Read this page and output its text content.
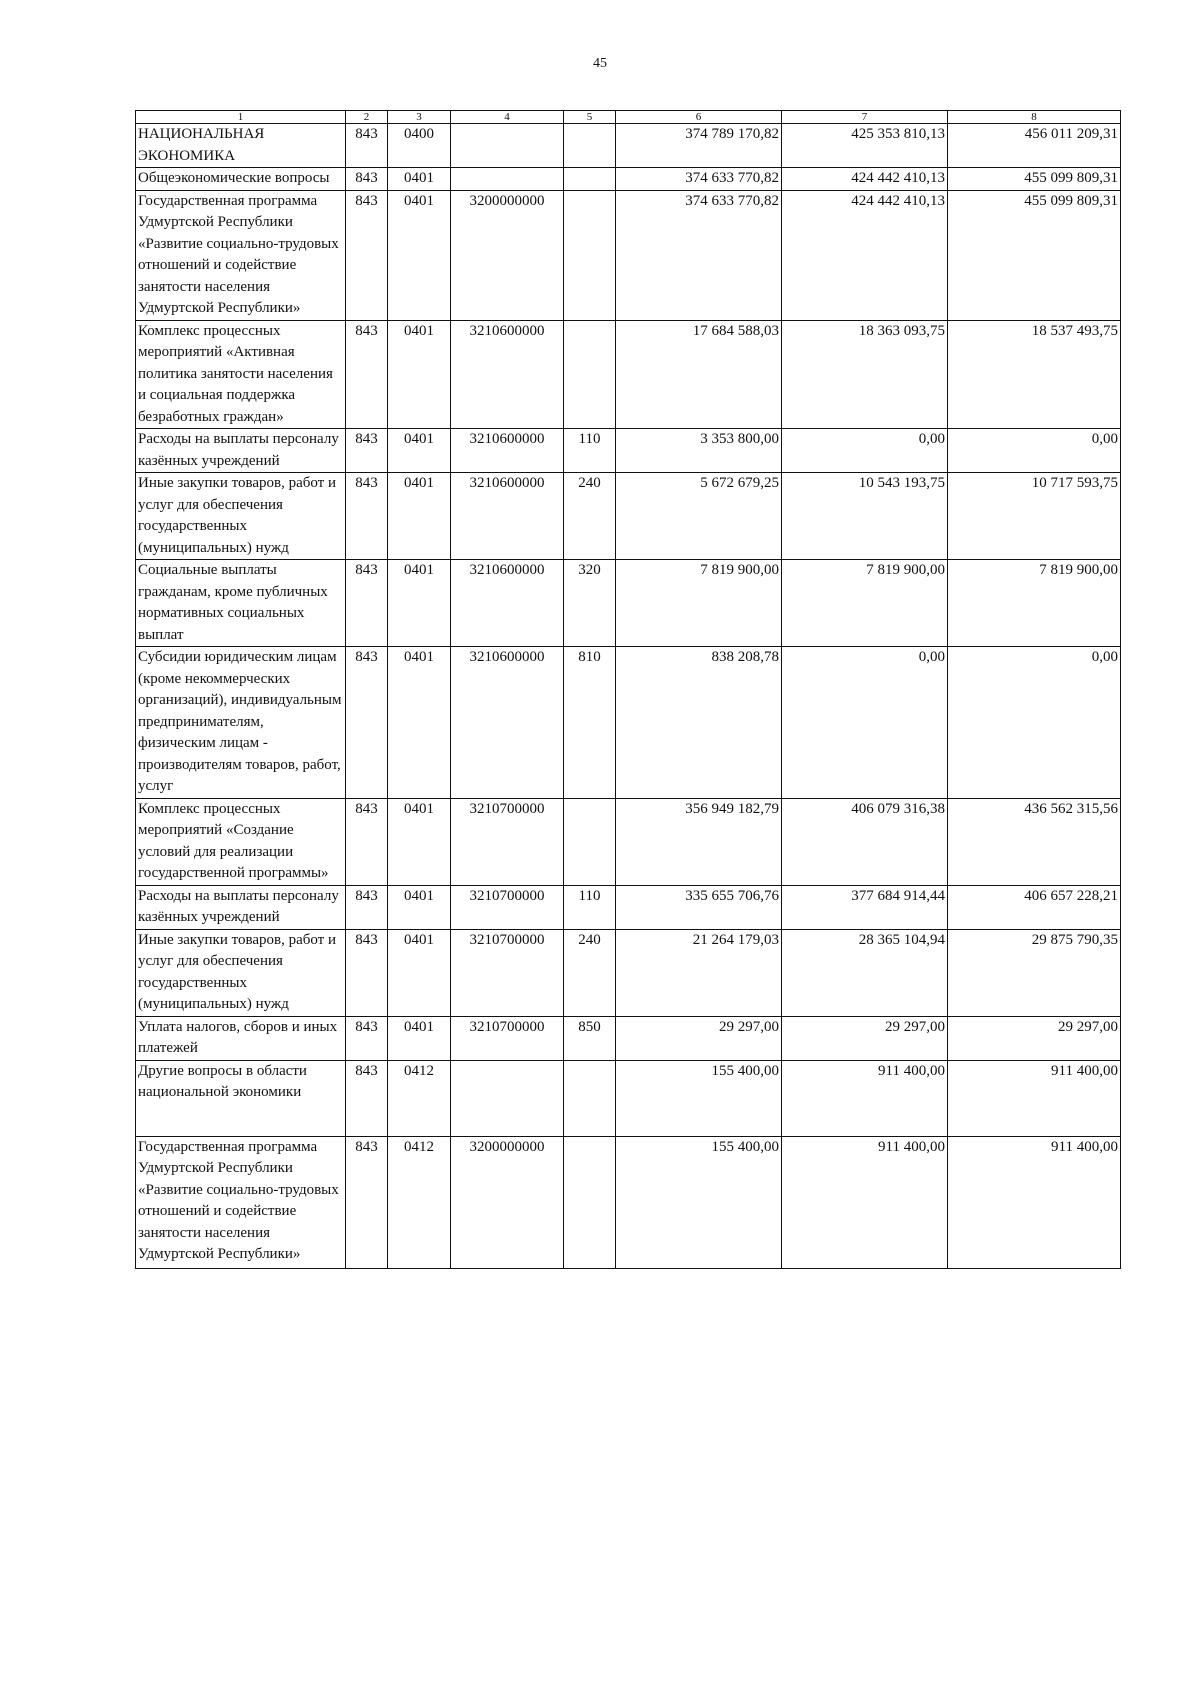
45
1	2	3	4	5	6	7	8
НАЦИОНАЛЬНАЯ ЭКОНОМИКА	843	0400			374 789 170,82	425 353 810,13	456 011 209,31
Общеэкономические вопросы	843	0401			374 633 770,82	424 442 410,13	455 099 809,31
Государственная программа Удмуртской Республики «Развитие социально-трудовых отношений и содействие занятости населения Удмуртской Республики»	843	0401	3200000000		374 633 770,82	424 442 410,13	455 099 809,31
Комплекс процессных мероприятий «Активная политика занятости населения и социальная поддержка безработных граждан»	843	0401	3210600000		17 684 588,03	18 363 093,75	18 537 493,75
Расходы на выплаты персоналу казённых учреждений	843	0401	3210600000	110	3 353 800,00	0,00	0,00
Иные закупки товаров, работ и услуг для обеспечения государственных (муниципальных) нужд	843	0401	3210600000	240	5 672 679,25	10 543 193,75	10 717 593,75
Социальные выплаты гражданам, кроме публичных нормативных социальных выплат	843	0401	3210600000	320	7 819 900,00	7 819 900,00	7 819 900,00
Субсидии юридическим лицам (кроме некоммерческих организаций), индивидуальным предпринимателям, физическим лицам - производителям товаров, работ, услуг	843	0401	3210600000	810	838 208,78	0,00	0,00
Комплекс процессных мероприятий «Создание условий для реализации государственной программы»	843	0401	3210700000		356 949 182,79	406 079 316,38	436 562 315,56
Расходы на выплаты персоналу казённых учреждений	843	0401	3210700000	110	335 655 706,76	377 684 914,44	406 657 228,21
Иные закупки товаров, работ и услуг для обеспечения государственных (муниципальных) нужд	843	0401	3210700000	240	21 264 179,03	28 365 104,94	29 875 790,35
Уплата налогов, сборов и иных платежей	843	0401	3210700000	850	29 297,00	29 297,00	29 297,00
Другие вопросы в области национальной экономики	843	0412			155 400,00	911 400,00	911 400,00
Государственная программа Удмуртской Республики «Развитие социально-трудовых отношений и содействие занятости населения Удмуртской Республики»	843	0412	3200000000		155 400,00	911 400,00	911 400,00
